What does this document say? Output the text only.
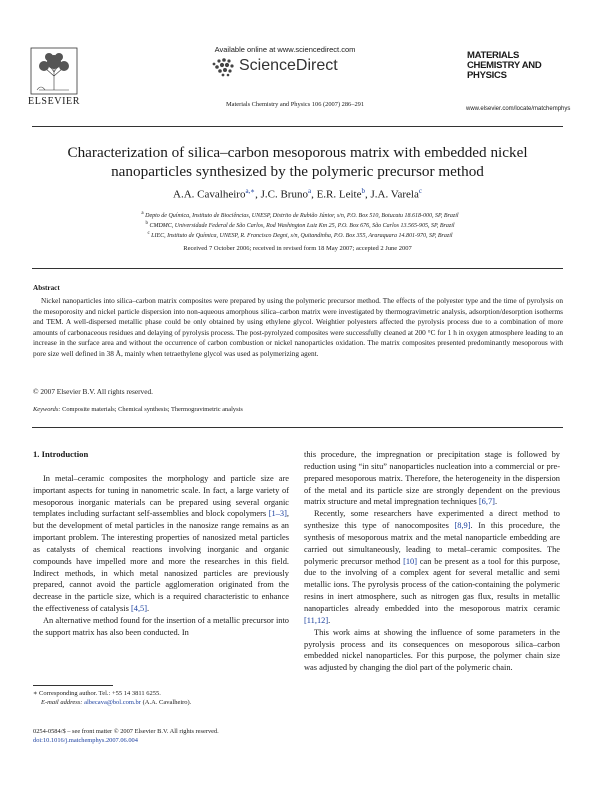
Available online at www.sciencedirect.com
ScienceDirect
Materials Chemistry and Physics 106 (2007) 286–291
ELSEVIER
MATERIALS
CHEMISTRY AND
PHYSICS
www.elsevier.com/locate/matchemphys
Characterization of silica–carbon mesoporous matrix with embedded nickel nanoparticles synthesized by the polymeric precursor method
A.A. Cavalheiro$^{a,∗}$, J.C. Bruno$^a$, E.R. Leite$^b$, J.A. Varela$^c$
$^a$ Depto de Química, Instituto de Biociências, UNESP, Distrito de Rubião Júnior, s/n, P.O. Box 510, Botucatu 18.618-000, SP, Brazil
$^b$ CMDMC, Universidade Federal de São Carlos, Rod Washington Luiz Km 25, P.O. Box 676, São Carlos 13.565-905, SP, Brazil
$^c$ LIEC, Instituto de Química, UNESP, R. Francisco Degni, s/n, Quitandinha, P.O. Box 355, Araraquara 14.801-970, SP, Brazil
Received 7 October 2006; received in revised form 18 May 2007; accepted 2 June 2007
Abstract
Nickel nanoparticles into silica–carbon matrix composites were prepared by using the polymeric precursor method. The effects of the polyester type and the time of pyrolysis on the mesoporosity and nickel particle dispersion into non-aqueous amorphous silica–carbon matrix were investigated by thermogravimetric analysis, adsorption/desorption isotherms and TEM. A well-dispersed metallic phase could be only obtained by using ethylene glycol. Weightier polyesters affected the pyrolysis process due to a combination of more amounts of carbonaceous residues and delaying of pyrolysis process. The post-pyrolyzed composites were successfully cleaned at 200 °C for 1 h in oxygen atmosphere leading to an increase in the surface area and without the occurrence of carbon combustion or nickel nanoparticles oxidation. The matrix composites presented predominantly mesoporous with pore size well defined in 38 Å, mainly when tetraethylene glycol was used as polymerizing agent.
© 2007 Elsevier B.V. All rights reserved.
Keywords: Composite materials; Chemical synthesis; Thermogravimetric analysis
1. Introduction

In metal–ceramic composites the morphology and particle size are important aspects for tuning in nanometric scale. In fact, a large variety of mesoporous inorganic materials can be prepared using several organic templates including surfactant self-assemblies and block copolymers [1–3], but the development of metal particles in the nanosize range remains as an important problem. The interesting properties of nanosized metal particles as catalysts of chemical reactions involving inorganic and organic compounds have impelled more and more the researches in this field. Indirect methods, in which metal nanosized particles are previously prepared, cannot avoid the particle agglomeration originated from the decrease in the particle size, which is a required characteristic to enhance the effectiveness of catalysis [4,5].

An alternative method found for the insertion of a metallic precursor into the support matrix has also been conducted. In

this procedure, the impregnation or precipitation stage is followed by reduction using “in situ” nanoparticles nucleation into a commercial or pre-prepared mesoporous matrix. Therefore, the heterogeneity in the dispersion of the metal and its particle size are strongly dependent on the previous matrix structure and metal impregnation techniques [6,7].

Recently, some researchers have experimented a direct method to synthesize this type of nanocomposites [8,9]. In this procedure, the synthesis of mesoporous matrix and the metal nanoparticle embedding are carried out simultaneously, leading to metal–ceramic composites. The polymeric precursor method [10] can be present as a tool for this purpose, due to the involving of a complex agent for several metallic and semi metallic ions. The pyrolysis process of the cation-containing the polymeric resins in inert atmosphere, such as nitrogen gas flux, results in metallic nanoparticles already embedded into the mesoporous matrix ceramic [11,12].

This work aims at showing the influence of some parameters in the pyrolysis process and its consequences on mesoporous silica–carbon embedded nickel nanoparticles. For this purpose, the polymer chain size was adjusted by changing the diol part of the polymeric chain.

∗ Corresponding author. Tel.: +55 14 3811 6255.
E-mail address: albecava@bol.com.br (A.A. Cavalheiro).
0254-0584/$ – see front matter © 2007 Elsevier B.V. All rights reserved.
doi:10.1016/j.matchemphys.2007.06.004
